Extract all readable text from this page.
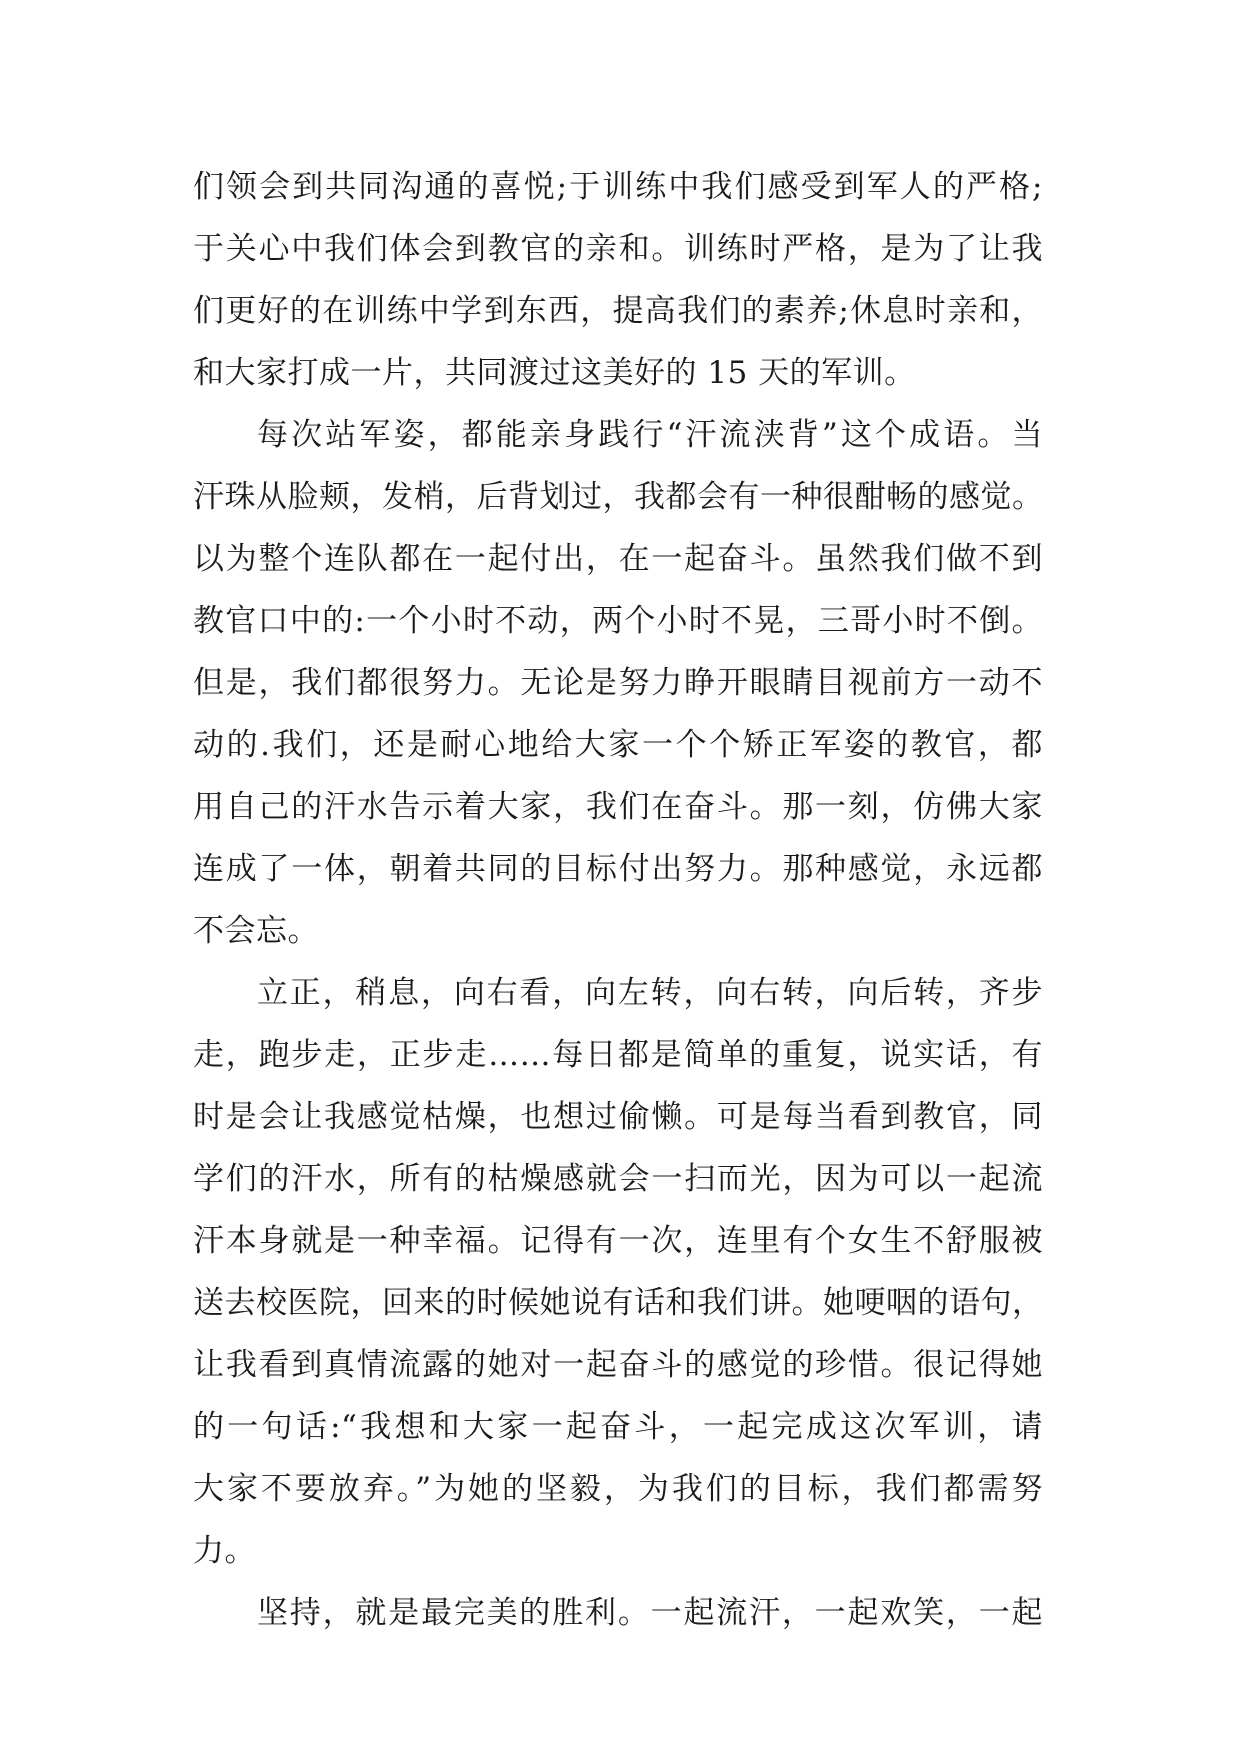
们领会到共同沟通的喜悦;于训练中我们感受到军人的严格;
于关心中我们体会到教官的亲和。训练时严格，是为了让我
们更好的在训练中学到东西，提高我们的素养;休息时亲和，
和大家打成一片，共同渡过这美好的 15 天的军训。
每次站军姿，都能亲身践行“汗流浃背”这个成语。当
汗珠从脸颊，发梢，后背划过，我都会有一种很酣畅的感觉。
以为整个连队都在一起付出，在一起奋斗。虽然我们做不到
教官口中的:一个小时不动，两个小时不晃，三哥小时不倒。
但是，我们都很努力。无论是努力睁开眼睛目视前方一动不
动的.我们，还是耐心地给大家一个个矫正军姿的教官，都
用自己的汗水告示着大家，我们在奋斗。那一刻，仿佛大家
连成了一体，朝着共同的目标付出努力。那种感觉，永远都
不会忘。
立正，稍息，向右看，向左转，向右转，向后转，齐步
走，跑步走，正步走……每日都是简单的重复，说实话，有
时是会让我感觉枯燥，也想过偷懒。可是每当看到教官，同
学们的汗水，所有的枯燥感就会一扫而光，因为可以一起流
汗本身就是一种幸福。记得有一次，连里有个女生不舒服被
送去校医院，回来的时候她说有话和我们讲。她哽咽的语句，
让我看到真情流露的她对一起奋斗的感觉的珍惜。很记得她
的一句话:“我想和大家一起奋斗，一起完成这次军训，请
大家不要放弃。”为她的坚毅，为我们的目标，我们都需努
力。
坚持，就是最完美的胜利。一起流汗，一起欢笑，一起
